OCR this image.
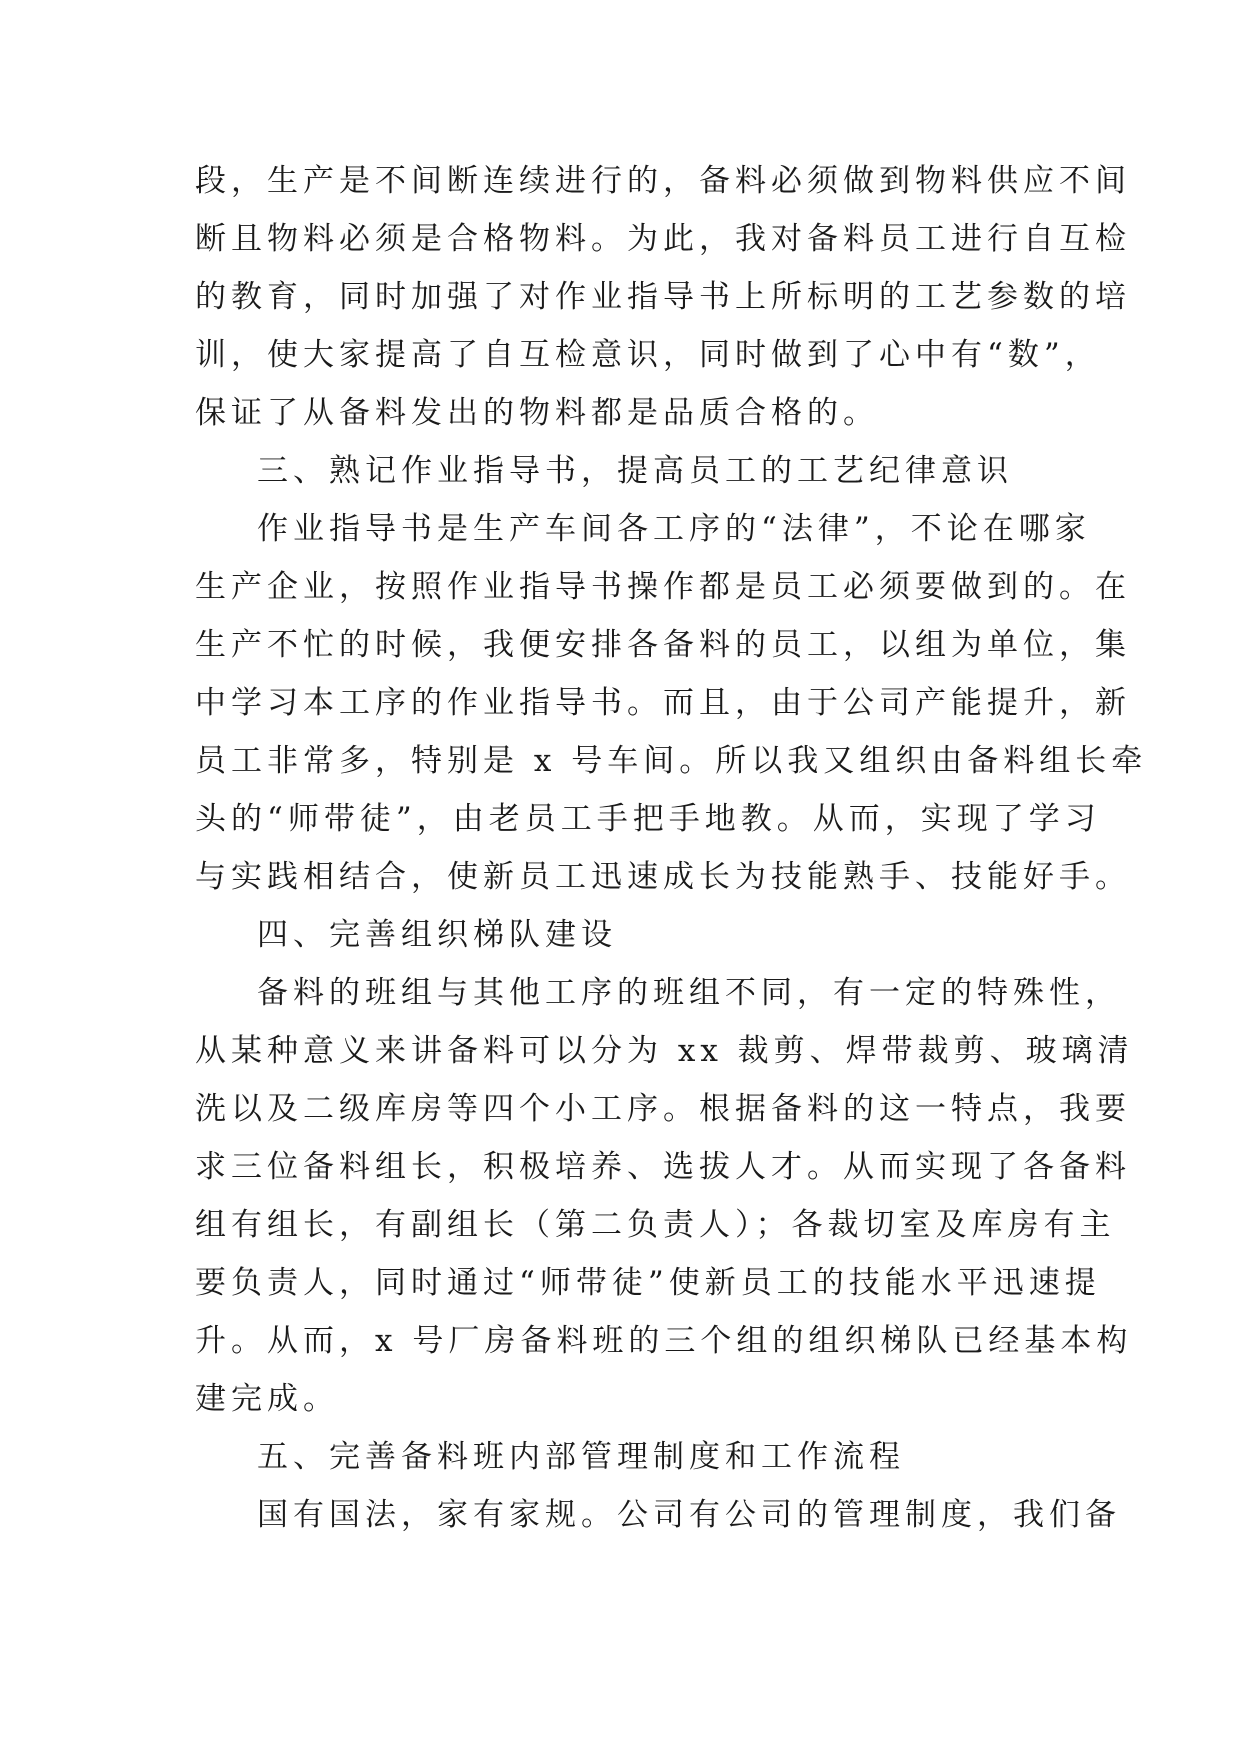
段，生产是不间断连续进行的，备料必须做到物料供应不间
断且物料必须是合格物料。为此，我对备料员工进行自互检
的教育，同时加强了对作业指导书上所标明的工艺参数的培
训，使大家提高了自互检意识，同时做到了心中有“数”，
保证了从备料发出的物料都是品质合格的。
三、熟记作业指导书，提高员工的工艺纪律意识
作业指导书是生产车间各工序的“法律”，不论在哪家
生产企业，按照作业指导书操作都是员工必须要做到的。在
生产不忙的时候，我便安排各备料的员工，以组为单位，集
中学习本工序的作业指导书。而且，由于公司产能提升，新
员工非常多，特别是 x 号车间。所以我又组织由备料组长牵
头的“师带徒”，由老员工手把手地教。从而，实现了学习
与实践相结合，使新员工迅速成长为技能熟手、技能好手。
四、完善组织梯队建设
备料的班组与其他工序的班组不同，有一定的特殊性，
从某种意义来讲备料可以分为 xx 裁剪、焊带裁剪、玻璃清
洗以及二级库房等四个小工序。根据备料的这一特点，我要
求三位备料组长，积极培养、选拔人才。从而实现了各备料
组有组长，有副组长（第二负责人）；各裁切室及库房有主
要负责人，同时通过“师带徒”使新员工的技能水平迅速提
升。从而，x 号厂房备料班的三个组的组织梯队已经基本构
建完成。
五、完善备料班内部管理制度和工作流程
国有国法，家有家规。公司有公司的管理制度，我们备
